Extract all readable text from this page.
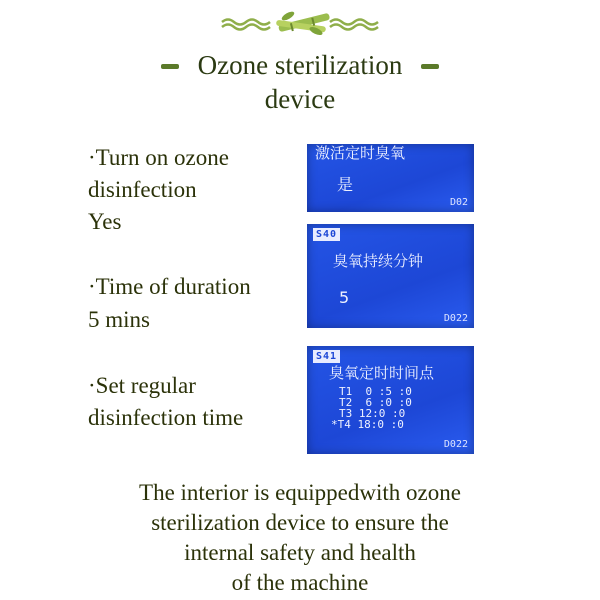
Ozone sterilization
device
·Turn on ozone
disinfection
Yes
·Time of duration
5 mins
·Set regular
disinfection time
激活定时臭氧
是
D02
S40
臭氧持续分钟
5
D022
S41
臭氧定时时间点
T1  0 :5 :0
T2  6 :0 :0
T3 12:0 :0
*T4 18:0 :0
D022
The interior is equippedwith ozone
sterilization device to ensure the
internal safety and health
of the machine
